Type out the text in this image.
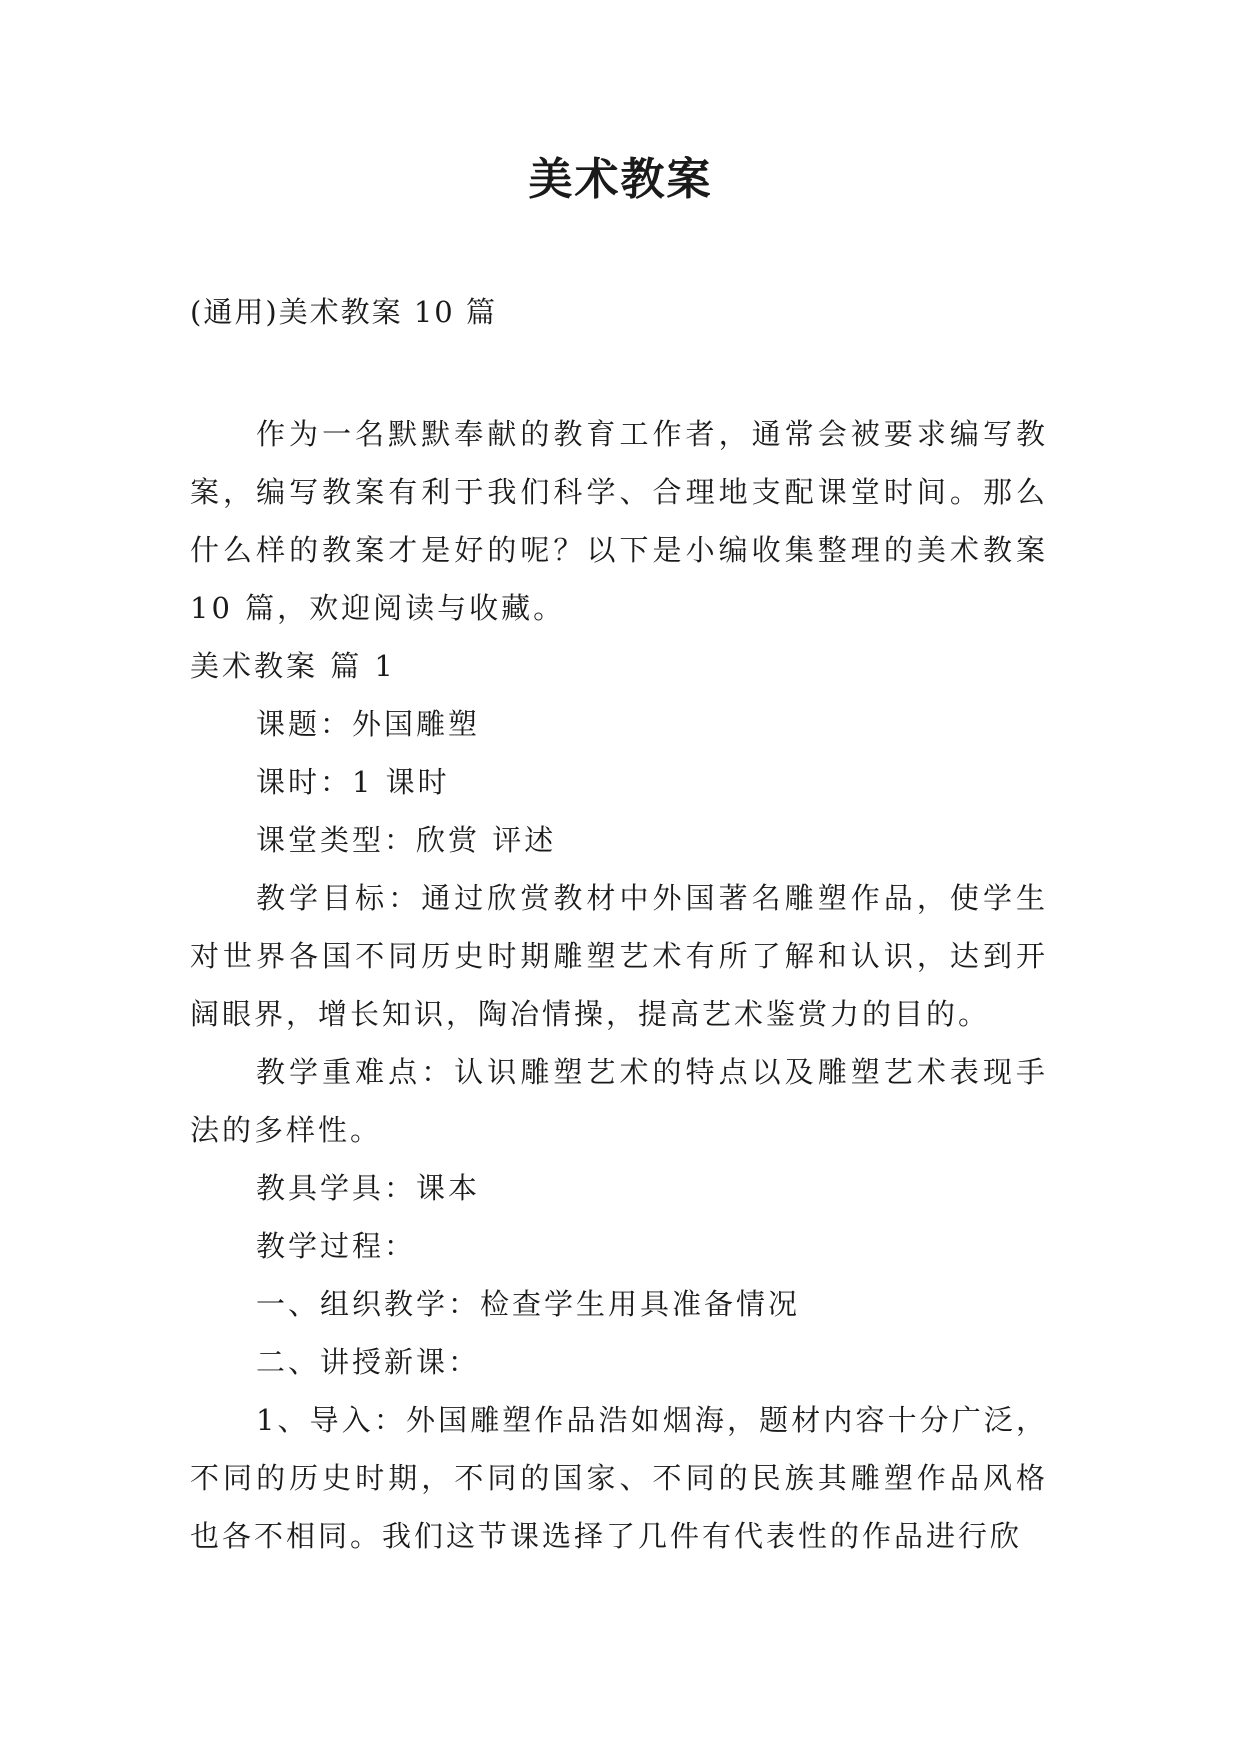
美术教案
(通用)美术教案 10 篇

作为一名默默奉献的教育工作者，通常会被要求编写教案，编写教案有利于我们科学、合理地支配课堂时间。那么什么样的教案才是好的呢？以下是小编收集整理的美术教案 10 篇，欢迎阅读与收藏。

美术教案 篇 1

课题：外国雕塑

课时：1 课时

课堂类型：欣赏 评述

教学目标：通过欣赏教材中外国著名雕塑作品，使学生对世界各国不同历史时期雕塑艺术有所了解和认识，达到开阔眼界，增长知识，陶冶情操，提高艺术鉴赏力的目的。

教学重难点：认识雕塑艺术的特点以及雕塑艺术表现手法的多样性。

教具学具：课本

教学过程：

一、组织教学：检查学生用具准备情况

二、讲授新课：

1、导入：外国雕塑作品浩如烟海，题材内容十分广泛，不同的历史时期，不同的国家、不同的民族其雕塑作品风格也各不相同。我们这节课选择了几件有代表性的作品进行欣
